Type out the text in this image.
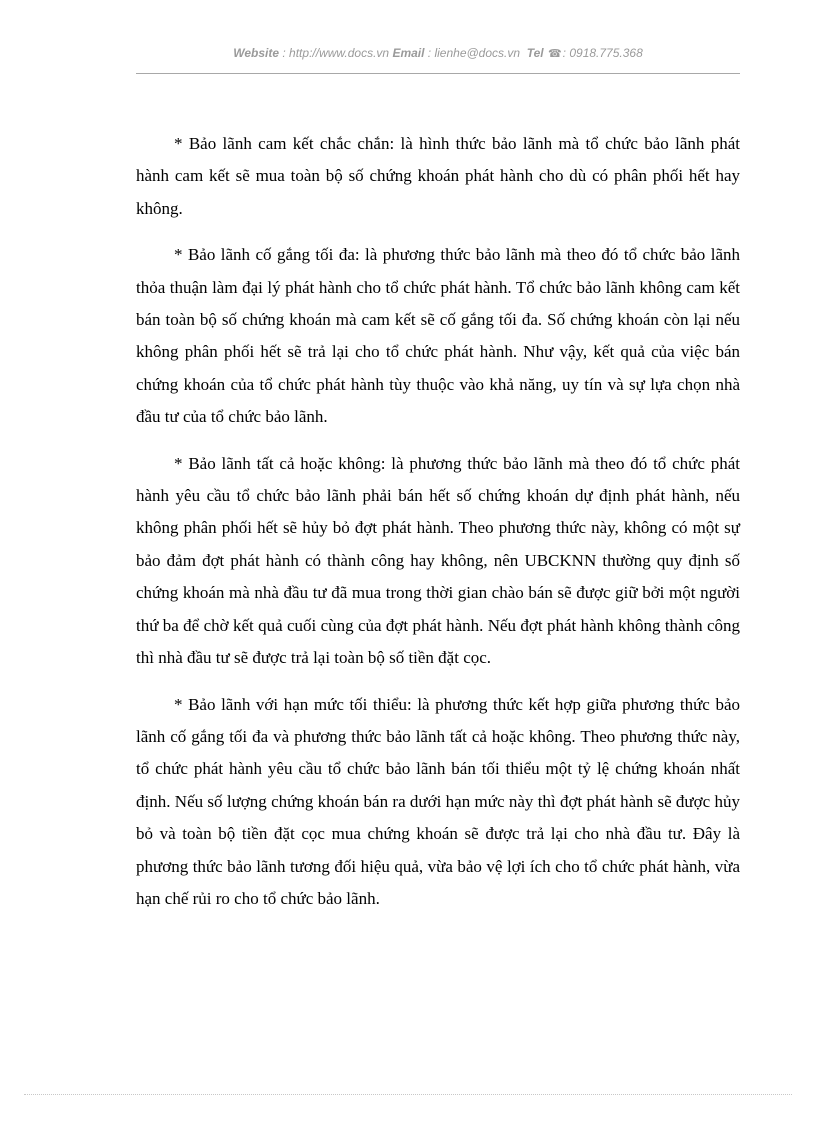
Website : http://www.docs.vn Email : lienhe@docs.vn Tel ☎: 0918.775.368

* Bảo lãnh cam kết chắc chắn: là hình thức bảo lãnh mà tổ chức bảo lãnh phát hành cam kết sẽ mua toàn bộ số chứng khoán phát hành cho dù có phân phối hết hay không.

* Bảo lãnh cố gắng tối đa: là phương thức bảo lãnh mà theo đó tổ chức bảo lãnh thỏa thuận làm đại lý phát hành cho tổ chức phát hành. Tổ chức bảo lãnh không cam kết bán toàn bộ số chứng khoán mà cam kết sẽ cố gắng tối đa. Số chứng khoán còn lại nếu không phân phối hết sẽ trả lại cho tổ chức phát hành. Như vậy, kết quả của việc bán chứng khoán của tổ chức phát hành tùy thuộc vào khả năng, uy tín và sự lựa chọn nhà đầu tư của tổ chức bảo lãnh.

* Bảo lãnh tất cả hoặc không: là phương thức bảo lãnh mà theo đó tổ chức phát hành yêu cầu tổ chức bảo lãnh phải bán hết số chứng khoán dự định phát hành, nếu không phân phối hết sẽ hủy bỏ đợt phát hành. Theo phương thức này, không có một sự bảo đảm đợt phát hành có thành công hay không, nên UBCKNN thường quy định số chứng khoán mà nhà đầu tư đã mua trong thời gian chào bán sẽ được giữ bởi một người thứ ba để chờ kết quả cuối cùng của đợt phát hành. Nếu đợt phát hành không thành công thì nhà đầu tư sẽ được trả lại toàn bộ số tiền đặt cọc.

* Bảo lãnh với hạn mức tối thiểu: là phương thức kết hợp giữa phương thức bảo lãnh cố gắng tối đa và phương thức bảo lãnh tất cả hoặc không. Theo phương thức này, tổ chức phát hành yêu cầu tổ chức bảo lãnh bán tối thiểu một tỷ lệ chứng khoán nhất định. Nếu số lượng chứng khoán bán ra dưới hạn mức này thì đợt phát hành sẽ được hủy bỏ và toàn bộ tiền đặt cọc mua chứng khoán sẽ được trả lại cho nhà đầu tư. Đây là phương thức bảo lãnh tương đối hiệu quả, vừa bảo vệ lợi ích cho tổ chức phát hành, vừa hạn chế rủi ro cho tổ chức bảo lãnh.
